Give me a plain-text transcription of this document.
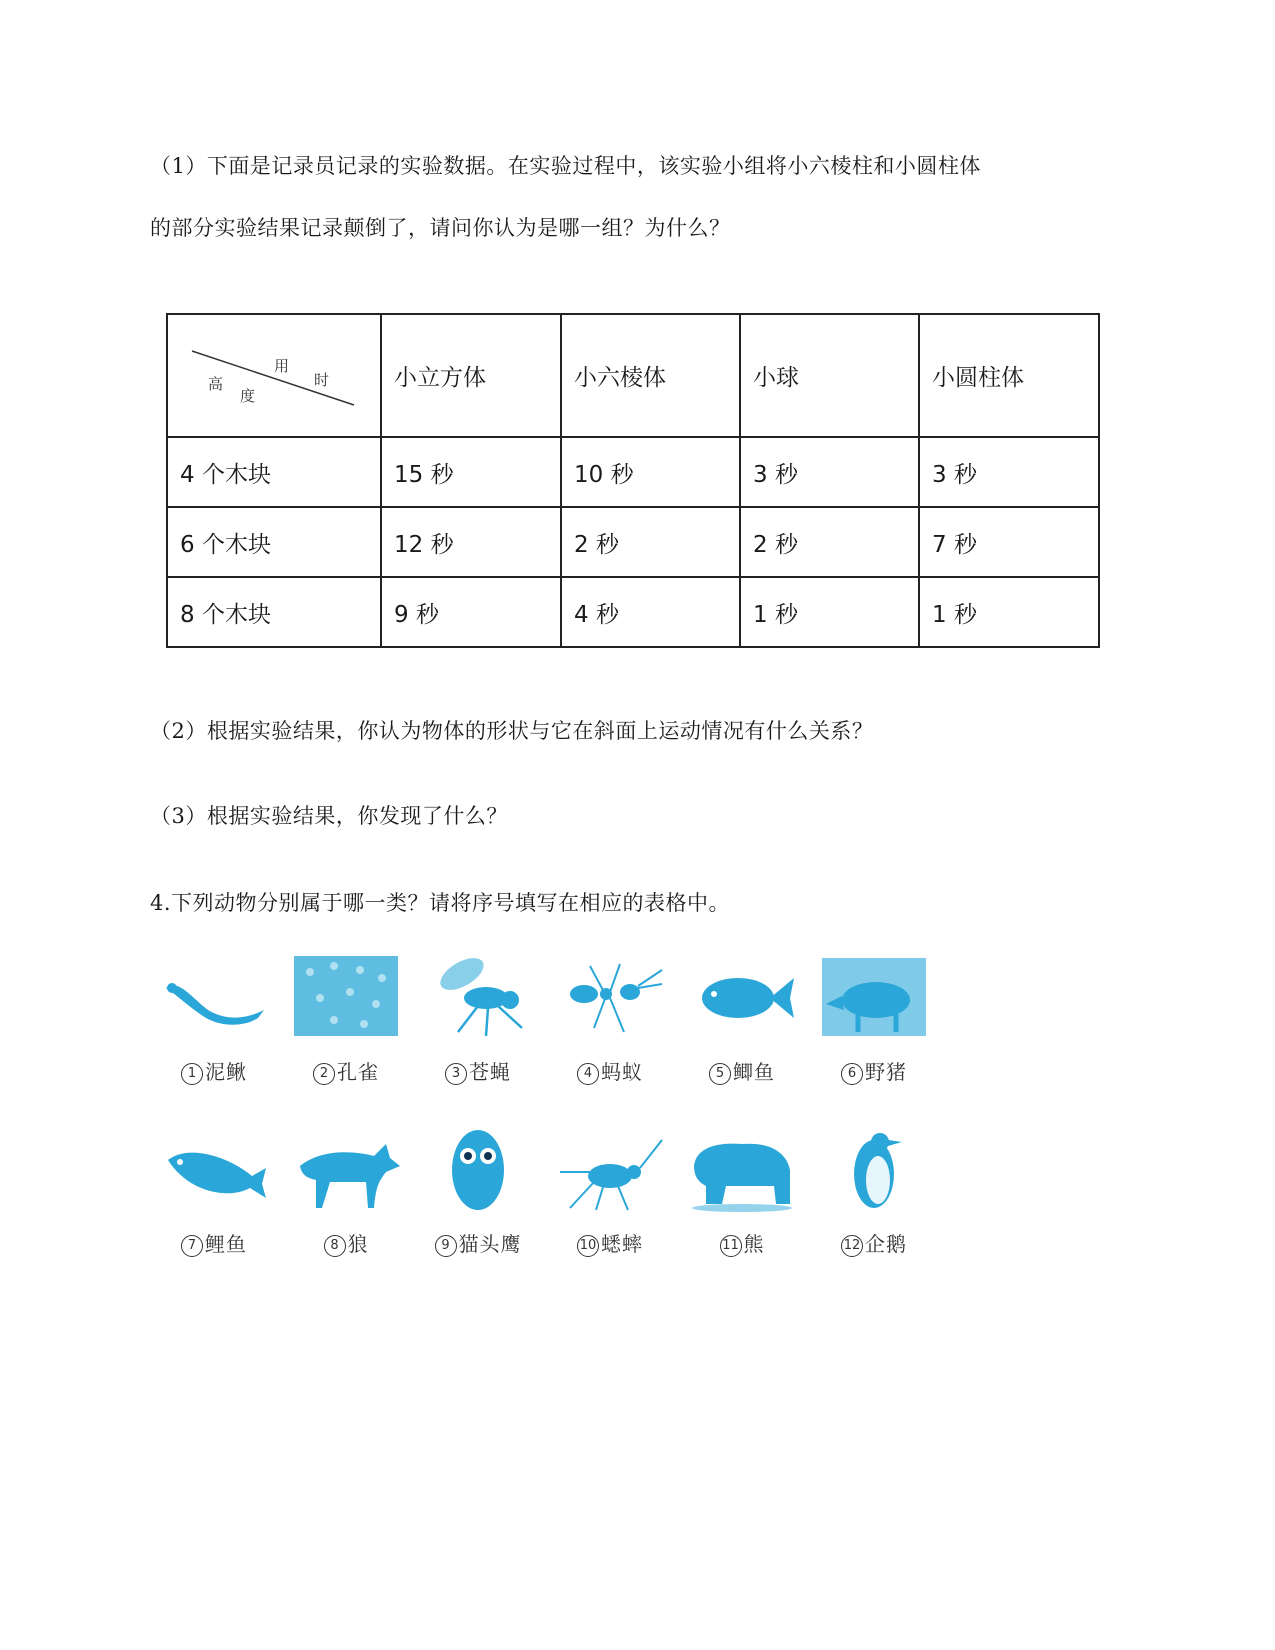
（1）下面是记录员记录的实验数据。在实验过程中，该实验小组将小六棱柱和小圆柱体
的部分实验结果记录颠倒了，请问你认为是哪一组？为什么？
用
时
高
度	小立方体	小六棱体	小球	小圆柱体
4 个木块	15 秒	10 秒	3 秒	3 秒
6 个木块	12 秒	2 秒	2 秒	7 秒
8 个木块	9 秒	4 秒	1 秒	1 秒
（2）根据实验结果，你认为物体的形状与它在斜面上运动情况有什么关系？
（3）根据实验结果，你发现了什么？
4.下列动物分别属于哪一类？请将序号填写在相应的表格中。
1 泥鳅	2 孔雀	3 苍蝇	4 蚂蚁	5 鲫鱼	6 野猪
7 鲤鱼	8 狼	9 猫头鹰	10 蟋蟀	11 熊	12 企鹅
